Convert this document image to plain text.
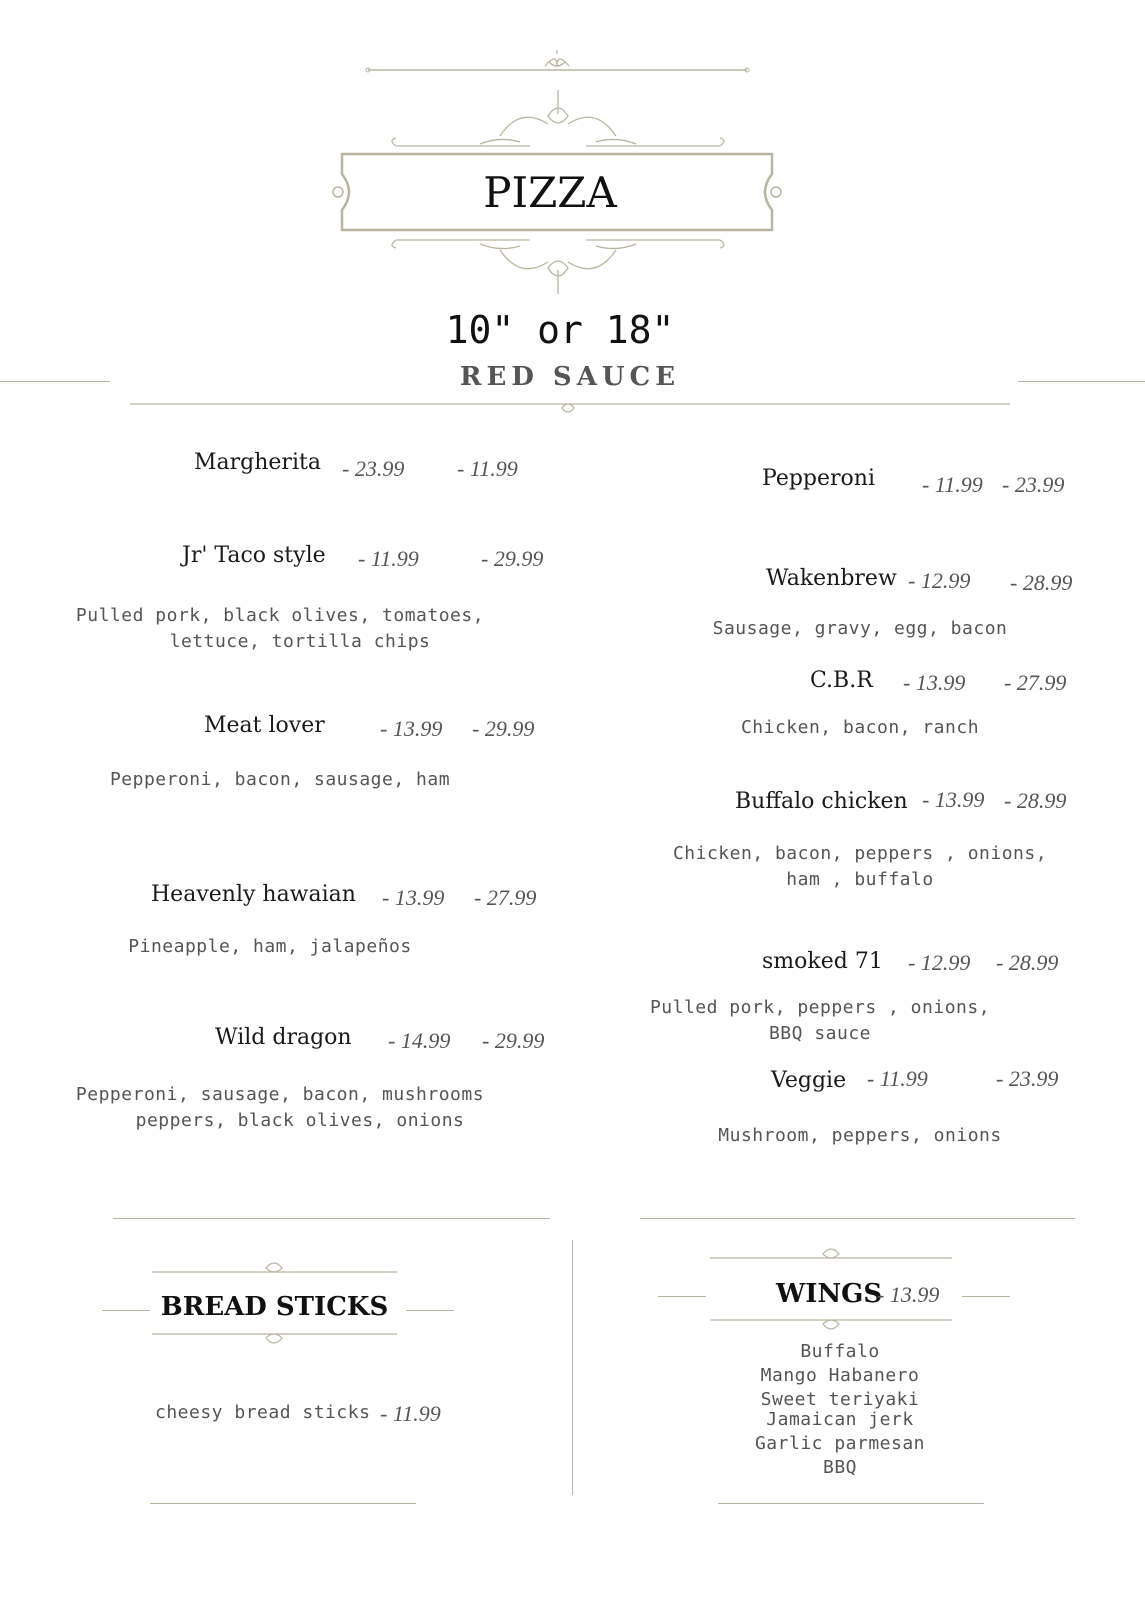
PIZZA
10" or 18"
RED SAUCE
Margherita - 23.99 - 11.99
Jr' Taco style - 11.99	- 29.99
Pulled pork, black olives, tomatoes,
lettuce, tortilla chips
Meat lover	- 13.99 - 29.99
Pepperoni, bacon, sausage, ham
Heavenly hawaian - 13.99 - 27.99
Pineapple, ham, jalapeños
Wild dragon - 14.99 - 29.99
Pepperoni, sausage, bacon, mushrooms
peppers, black olives, onions
Pepperoni - 11.99 - 23.99
Wakenbrew - 12.99 - 28.99
Sausage, gravy, egg, bacon
C.B.R - 13.99 - 27.99
Chicken, bacon, ranch
Buffalo chicken - 13.99 - 28.99
Chicken, bacon, peppers , onions,
ham , buffalo
smoked 71 - 12.99 - 28.99
Pulled pork, peppers , onions,
BBQ sauce
Veggie - 11.99	- 23.99
Mushroom, peppers, onions
BREAD STICKS
cheesy bread sticks - 11.99
WINGS
- 13.99
Buffalo
Mango Habanero
Sweet teriyaki
Jamaican jerk
Garlic parmesan
BBQ
